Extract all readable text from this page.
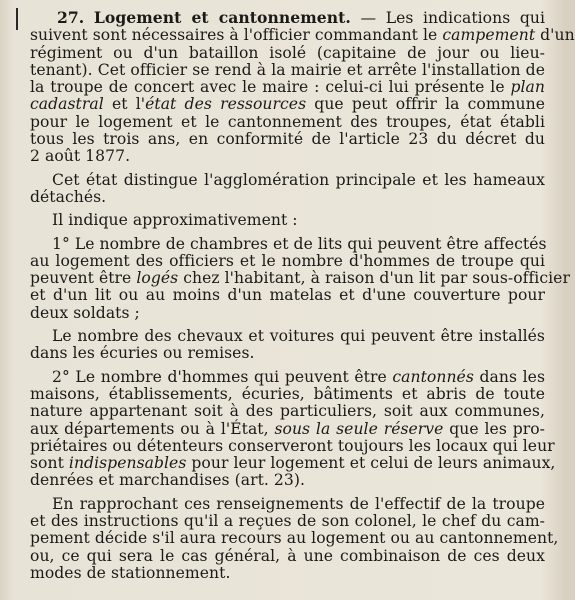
27. Logement et cantonnement. — Les indications qui
suivent sont nécessaires à l'officier commandant le campement d'un
régiment ou d'un bataillon isolé (capitaine de jour ou lieu-
tenant). Cet officier se rend à la mairie et arrête l'installation de
la troupe de concert avec le maire : celui-ci lui présente le plan
cadastral et l'état des ressources que peut offrir la commune
pour le logement et le cantonnement des troupes, état établi
tous les trois ans, en conformité de l'article 23 du décret du
2 août 1877.
Cet état distingue l'agglomération principale et les hameaux
détachés.
Il indique approximativement :
1° Le nombre de chambres et de lits qui peuvent être affectés
au logement des officiers et le nombre d'hommes de troupe qui
peuvent être logés chez l'habitant, à raison d'un lit par sous-officier
et d'un lit ou au moins d'un matelas et d'une couverture pour
deux soldats ;
Le nombre des chevaux et voitures qui peuvent être installés
dans les écuries ou remises.
2° Le nombre d'hommes qui peuvent être cantonnés dans les
maisons, établissements, écuries, bâtiments et abris de toute
nature appartenant soit à des particuliers, soit aux communes,
aux départements ou à l'État, sous la seule réserve que les pro-
priétaires ou détenteurs conserveront toujours les locaux qui leur
sont indispensables pour leur logement et celui de leurs animaux,
denrées et marchandises (art. 23).
En rapprochant ces renseignements de l'effectif de la troupe
et des instructions qu'il a reçues de son colonel, le chef du cam-
pement décide s'il aura recours au logement ou au cantonnement,
ou, ce qui sera le cas général, à une combinaison de ces deux
modes de stationnement.
